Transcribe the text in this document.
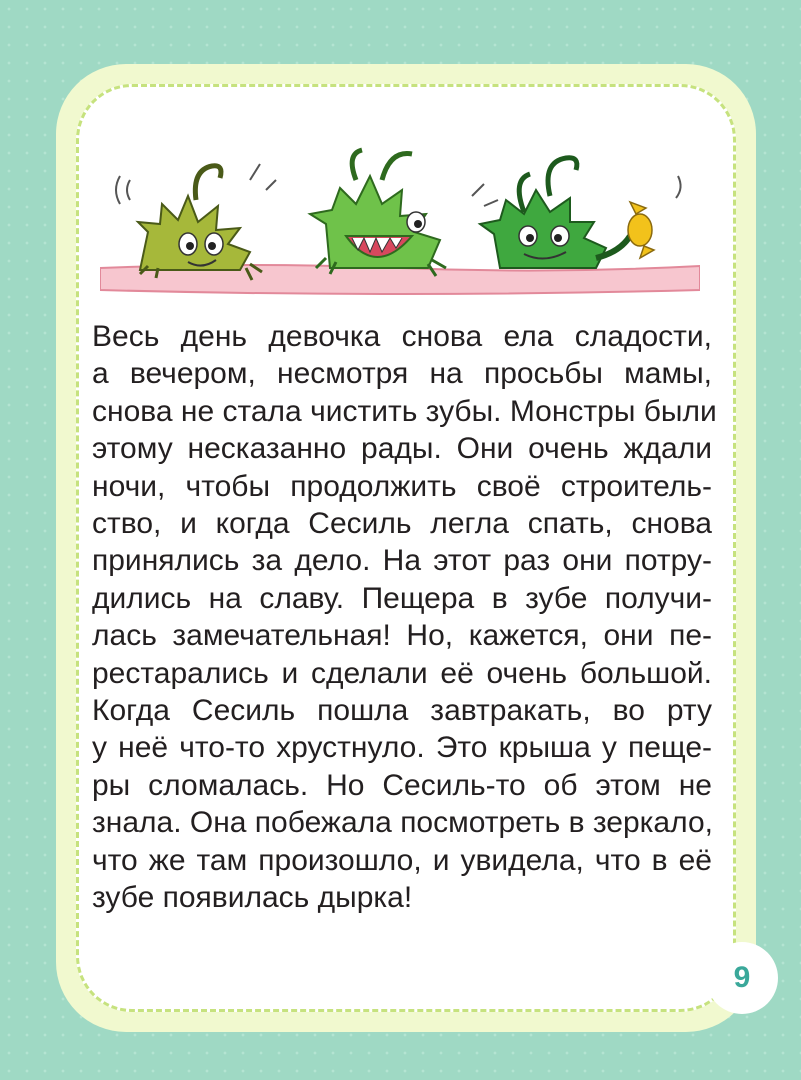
Весь день девочка снова ела сладости,
а вечером, несмотря на просьбы мамы,
снова не стала чистить зубы. Монстры были
этому несказанно рады. Они очень ждали
ночи, чтобы продолжить своё строитель-
ство, и когда Сесиль легла спать, снова
принялись за дело. На этот раз они потру-
дились на славу. Пещера в зубе получи-
лась замечательная! Но, кажется, они пе-
рестарались и сделали её очень большой.
Когда Сесиль пошла завтракать, во рту
у неё что-то хрустнуло. Это крыша у пеще-
ры сломалась. Но Сесиль-то об этом не
знала. Она побежала посмотреть в зеркало,
что же там произошло, и увидела, что в её
зубе появилась дырка!
9
